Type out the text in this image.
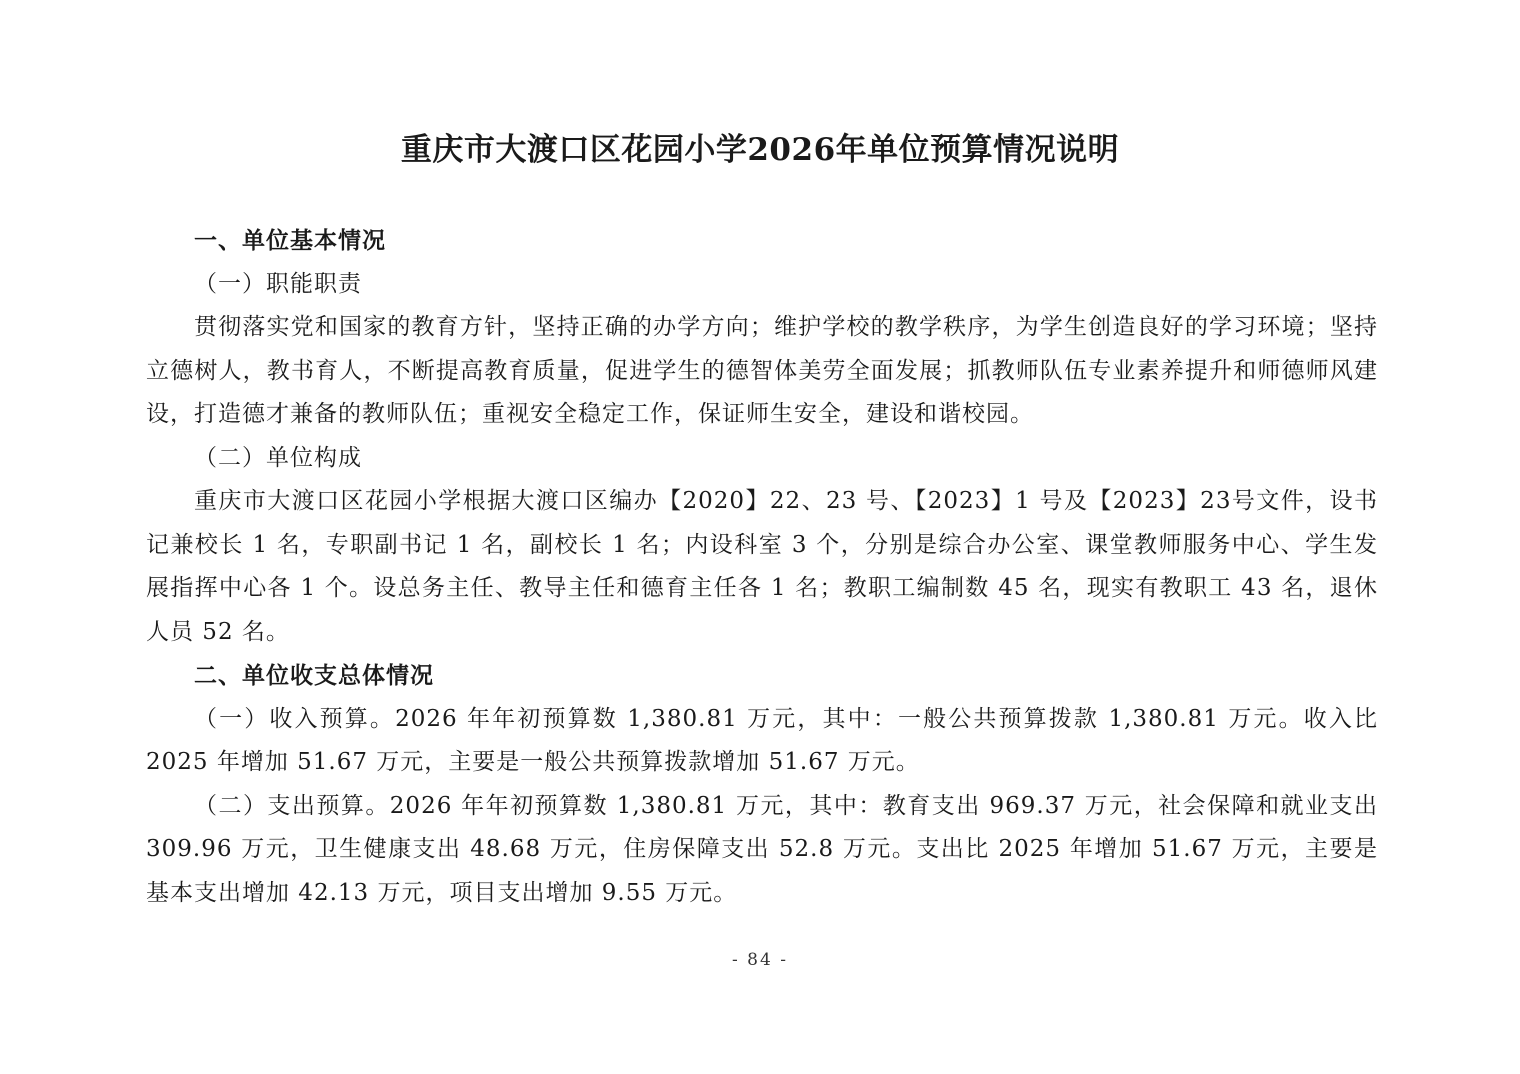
重庆市大渡口区花园小学2026年单位预算情况说明

一、单位基本情况

（一）职能职责

贯彻落实党和国家的教育方针，坚持正确的办学方向；维护学校的教学秩序，为学生创造良好的学习环境；坚持立德树人，教书育人，不断提高教育质量，促进学生的德智体美劳全面发展；抓教师队伍专业素养提升和师德师风建设，打造德才兼备的教师队伍；重视安全稳定工作，保证师生安全，建设和谐校园。

（二）单位构成

重庆市大渡口区花园小学根据大渡口区编办【2020】22、23 号、【2023】1 号及【2023】23号文件，设书记兼校长 1 名，专职副书记 1 名，副校长 1 名；内设科室 3 个，分别是综合办公室、课堂教师服务中心、学生发展指挥中心各 1 个。设总务主任、教导主任和德育主任各 1 名；教职工编制数 45 名，现实有教职工 43 名，退休人员 52 名。

二、单位收支总体情况

（一）收入预算。2026 年年初预算数 1,380.81 万元，其中：一般公共预算拨款 1,380.81 万元。收入比 2025 年增加 51.67 万元，主要是一般公共预算拨款增加 51.67 万元。

（二）支出预算。2026 年年初预算数 1,380.81 万元，其中：教育支出 969.37 万元，社会保障和就业支出 309.96 万元，卫生健康支出 48.68 万元，住房保障支出 52.8 万元。支出比 2025 年增加 51.67 万元，主要是基本支出增加 42.13 万元，项目支出增加 9.55 万元。

- 84 -
